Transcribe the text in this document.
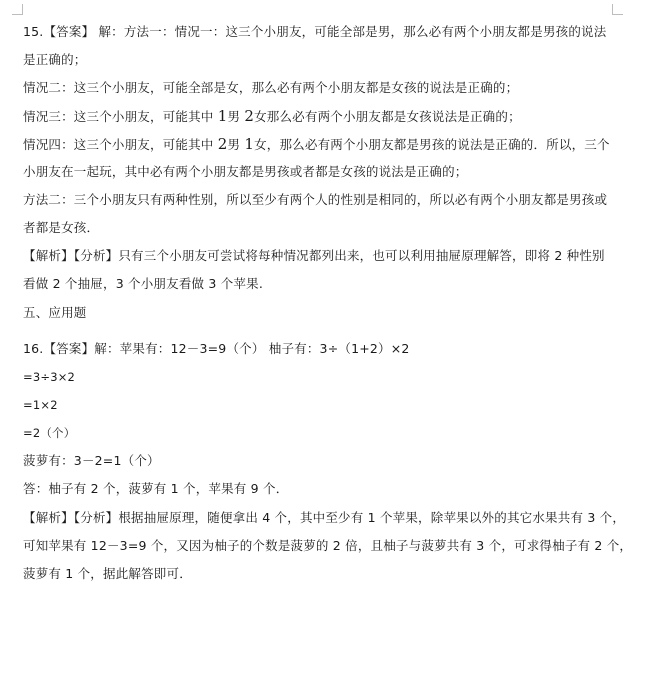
15.【答案】 解：方法一：情况一：这三个小朋友，可能全部是男，那么必有两个小朋友都是男孩的说法
是正确的；
情况二：这三个小朋友，可能全部是女，那么必有两个小朋友都是女孩的说法是正确的；
情况三：这三个小朋友，可能其中 1男 2女那么必有两个小朋友都是女孩说法是正确的；
情况四：这三个小朋友，可能其中 2男 1女，那么必有两个小朋友都是男孩的说法是正确的．所以，三个
小朋友在一起玩，其中必有两个小朋友都是男孩或者都是女孩的说法是正确的；
方法二：三个小朋友只有两种性别，所以至少有两个人的性别是相同的，所以必有两个小朋友都是男孩或
者都是女孩．
【解析】【分析】只有三个小朋友可尝试将每种情况都列出来，也可以利用抽屉原理解答，即将 2 种性别
看做 2 个抽屉，3 个小朋友看做 3 个苹果.
五、应用题
16.【答案】解：苹果有：12－3=9（个） 柚子有：3÷（1+2）×2
=3÷3×2
=1×2
=2（个）
菠萝有：3－2=1（个）
答：柚子有 2 个，菠萝有 1 个，苹果有 9 个．
【解析】【分析】根据抽屉原理，随便拿出 4 个，其中至少有 1 个苹果，除苹果以外的其它水果共有 3 个，
可知苹果有 12－3=9 个，又因为柚子的个数是菠萝的 2 倍，且柚子与菠萝共有 3 个，可求得柚子有 2 个，
菠萝有 1 个，据此解答即可．
